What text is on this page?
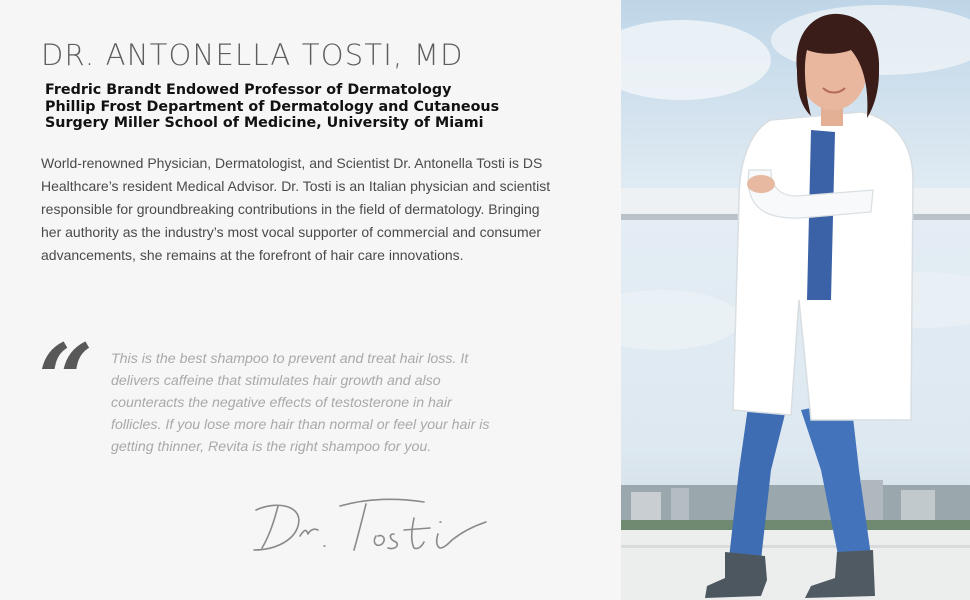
DR. ANTONELLA TOSTI, MD
Fredric Brandt Endowed Professor of Dermatology
Phillip Frost Department of Dermatology and Cutaneous
Surgery Miller School of Medicine, University of Miami
World-renowned Physician, Dermatologist, and Scientist Dr. Antonella Tosti is DS Healthcare’s resident Medical Advisor. Dr. Tosti is an Italian physician and scientist responsible for groundbreaking contributions in the field of dermatology. Bringing her authority as the industry’s most vocal supporter of commercial and consumer advancements, she remains at the forefront of hair care innovations.
“ This is the best shampoo to prevent and treat hair loss. It delivers caffeine that stimulates hair growth and also counteracts the negative effects of testosterone in hair follicles. If you lose more hair than normal or feel your hair is getting thinner, Revita is the right shampoo for you.
